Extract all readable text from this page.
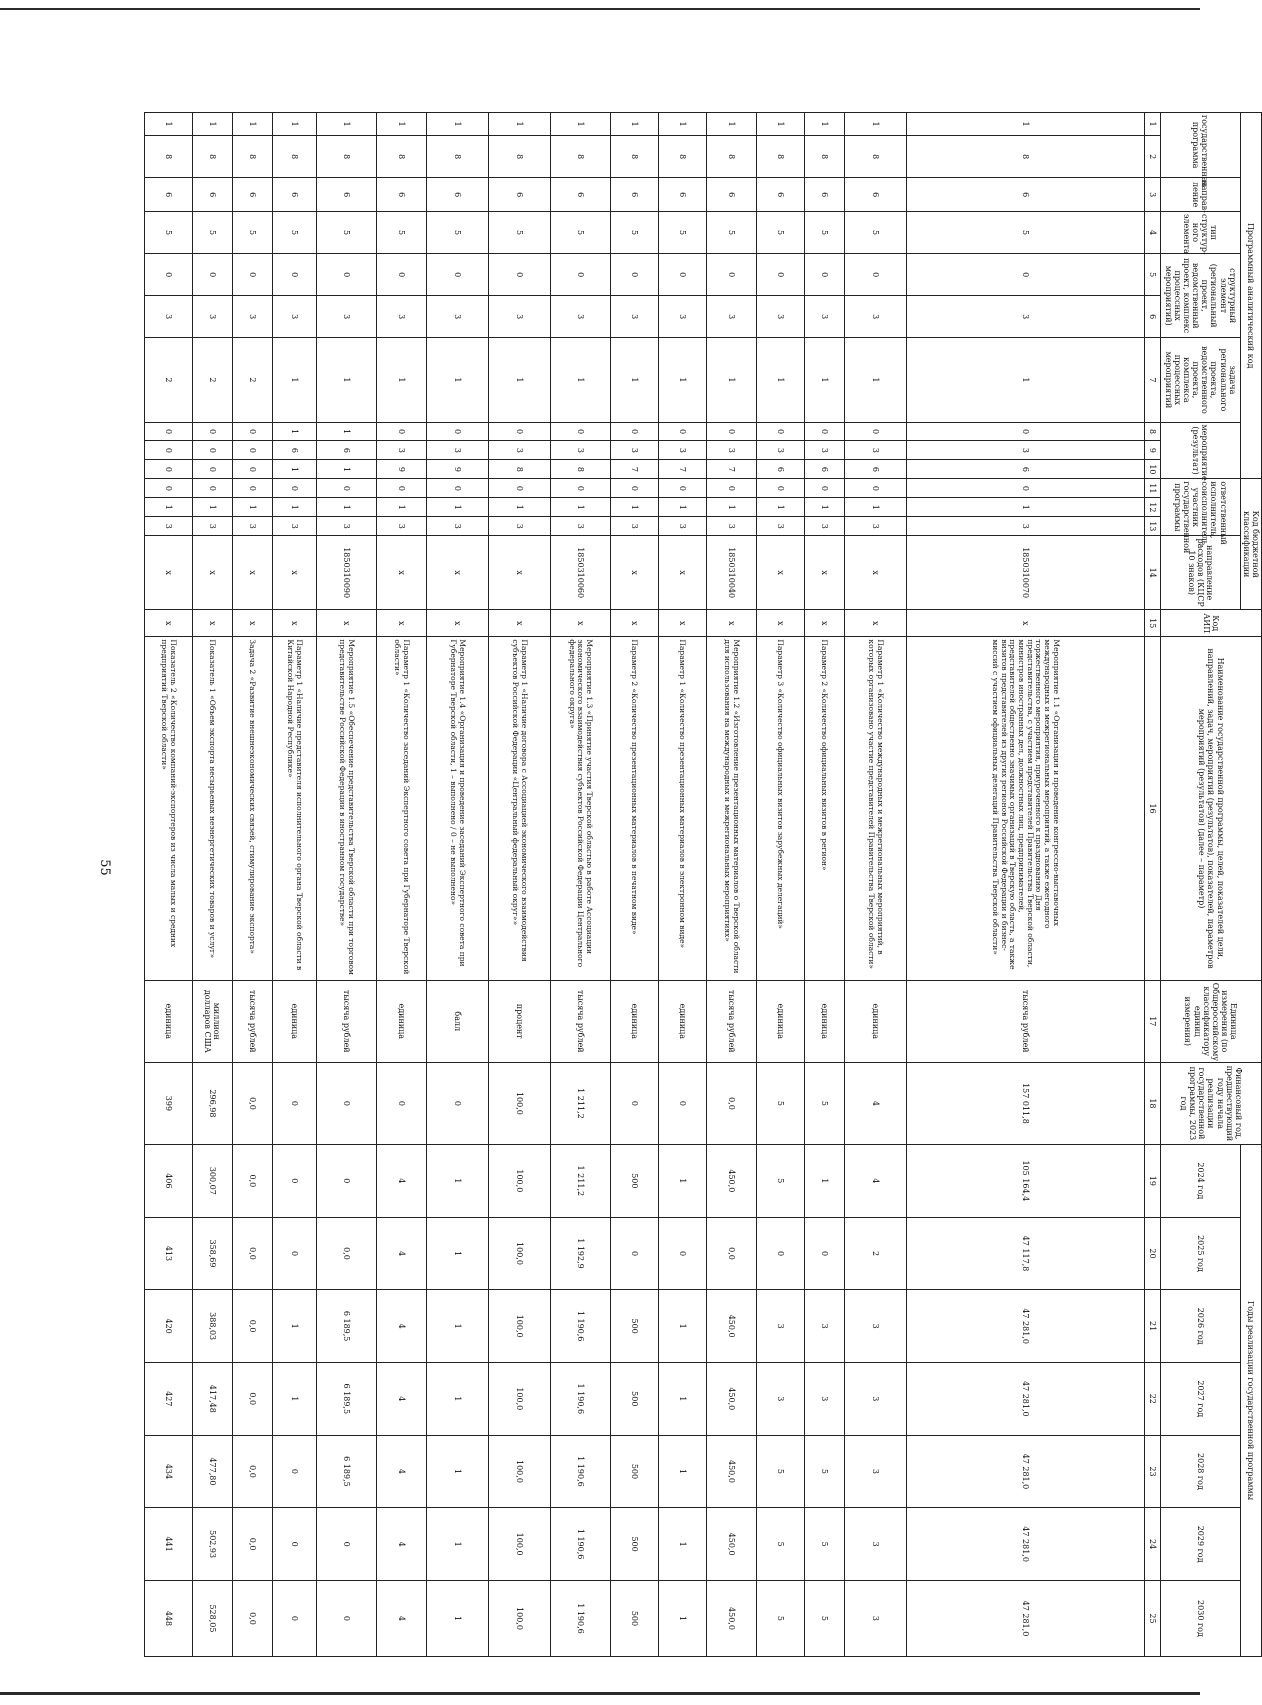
55
Программный аналитический код										Код бюджетной классификации				Код АИП	Наименование государственной программы, целей, показателей цели, направлений, задач, мероприятий (результатов), показателей, параметров мероприятий (результатов) (далее – параметр)	Единица измерения (по Общероссийскому классификатору единиц измерения)	Финансовый год, предшествующий году начала реализации государственной программы, 2023 год	Годы реализации государственной программы						
государственная программа		направ-ление	тип структур-ного элемента	структурный элемент (региональный проект, ведомственный проект, комплекс процессных мероприятий)		задача регионального проекта, ведомственного проекта, комплекса процессных мероприятий	мероприятие (результат)			ответственный исполнитель, соисполнитель, участник государственной программы			направление расходов (КЦСР 10 знаков)					2024 год	2025 год	2026 год	2027 год	2028 год	2029 год	2030 год
1	2	3	4	5	6	7	8	9	10	11	12	13	14	15	16	17	18	19	20	21	22	23	24	25
1	8	6	5	0	3	1	0	3	6	0	1	3	1850310070	x	Мероприятие 1.1 «Организация и проведение конгрессно-выставочных международных и межрегиональных мероприятий, а также ежегодного торжественного мероприятия, приуроченного к празднованию Дня представительства, с участием представителей Правительства Тверской области, министров иностранных дел, должностных лиц, предпринимателей, представителей общественно значимых организаций в Тверскую область, а также визитов представителей из других регионов Российской Федерации и бизнес-миссий с участием официальных делегаций Правительства Тверской области»	тысяча рублей	157 011,8	105 164,4	47 117,8	47 281,0	47 281,0	47 281,0	47 281,0	47 281,0
1	8	6	5	0	3	1	0	3	6	0	1	3	x	x	Параметр 1 «Количество международных и межрегиональных мероприятий, в которых организовано участие представителей Правительства Тверской области»	единица	4	4	2	3	3	3	3	3
1	8	6	5	0	3	1	0	3	6	0	1	3	x	x	Параметр 2 «Количество официальных визитов в регион»	единица	5	1	0	3	3	5	5	5
1	8	6	5	0	3	1	0	3	6	0	1	3	x	x	Параметр 3 «Количество официальных визитов зарубежных делегаций»	единица	5	5	0	3	3	5	5	5
1	8	6	5	0	3	1	0	3	7	0	1	3	1850310040	x	Мероприятие 1.2 «Изготовление презентационных материалов о Тверской области для использования на международных и межрегиональных мероприятиях»	тысяча рублей	0,0	450,0	0,0	450,0	450,0	450,0	450,0	450,0
1	8	6	5	0	3	1	0	3	7	0	1	3	x	x	Параметр 1 «Количество презентационных материалов в электронном виде»	единица	0	1	0	1	1	1	1	1
1	8	6	5	0	3	1	0	3	7	0	1	3	x	x	Параметр 2 «Количество презентационных материалов в печатном виде»	единица	0	500	0	500	500	500	500	500
1	8	6	5	0	3	1	0	3	8	0	1	3	1850310060	x	Мероприятие 1.3 «Принятие участия Тверской областью в работе Ассоциации экономического взаимодействия субъектов Российской Федерации Центрального федерального округа»	тысяча рублей	1 211,2	1 211,2	1 192,9	1 190,6	1 190,6	1 190,6	1 190,6	1 190,6
1	8	6	5	0	3	1	0	3	8	0	1	3	x	x	Параметр 1 «Наличие договора с Ассоциацией экономического взаимодействия субъектов Российской Федерации «Центральный федеральный округ»»	процент	100,0	100,0	100,0	100,0	100,0	100,0	100,0	100,0
1	8	6	5	0	3	1	0	3	9	0	1	3	x	x	Мероприятие 1.4 «Организация и проведение заседаний Экспертного совета при Губернаторе Тверской области, 1 – выполнено / 0 – не выполнено»	балл	0	1	1	1	1	1	1	1
1	8	6	5	0	3	1	0	3	9	0	1	3	x	x	Параметр 1 «Количество заседаний Экспертного совета при Губернаторе Тверской области»	единица	0	4	4	4	4	4	4	4
1	8	6	5	0	3	1	1	6	1	0	1	3	1850310090	x	Мероприятие 1.5 «Обеспечение представительства Тверской области при торговом представительстве Российской Федерации в иностранном государстве»	тысяча рублей	0	0	0,0	6 189,5	6 189,5	6 189,5	0	0
1	8	6	5	0	3	1	1	6	1	0	1	3	x	x	Параметр 1 «Наличие представителя исполнительного органа Тверской области в Китайской Народной Республике»	единица	0	0	0	1	1	0	0	0
1	8	6	5	0	3	2	0	0	0	0	1	3	x	x	Задача 2 «Развитие внешнеэкономических связей, стимулирование экспорта»	тысяча рублей	0,0	0,0	0,0	0,0	0,0	0,0	0,0	0,0
1	8	6	5	0	3	2	0	0	0	0	1	3	x	x	Показатель 1 «Объем экспорта несырьевых неэнергетических товаров и услуг»	миллион долларов США	296,98	300,07	358,69	388,03	417,48	477,80	502,93	528,05
1	8	6	5	0	3	2	0	0	0	0	1	3	x	x	Показатель 2 «Количество компаний-экспортеров из числа малых и средних предприятий Тверской области»	единица	399	406	413	420	427	434	441	448
